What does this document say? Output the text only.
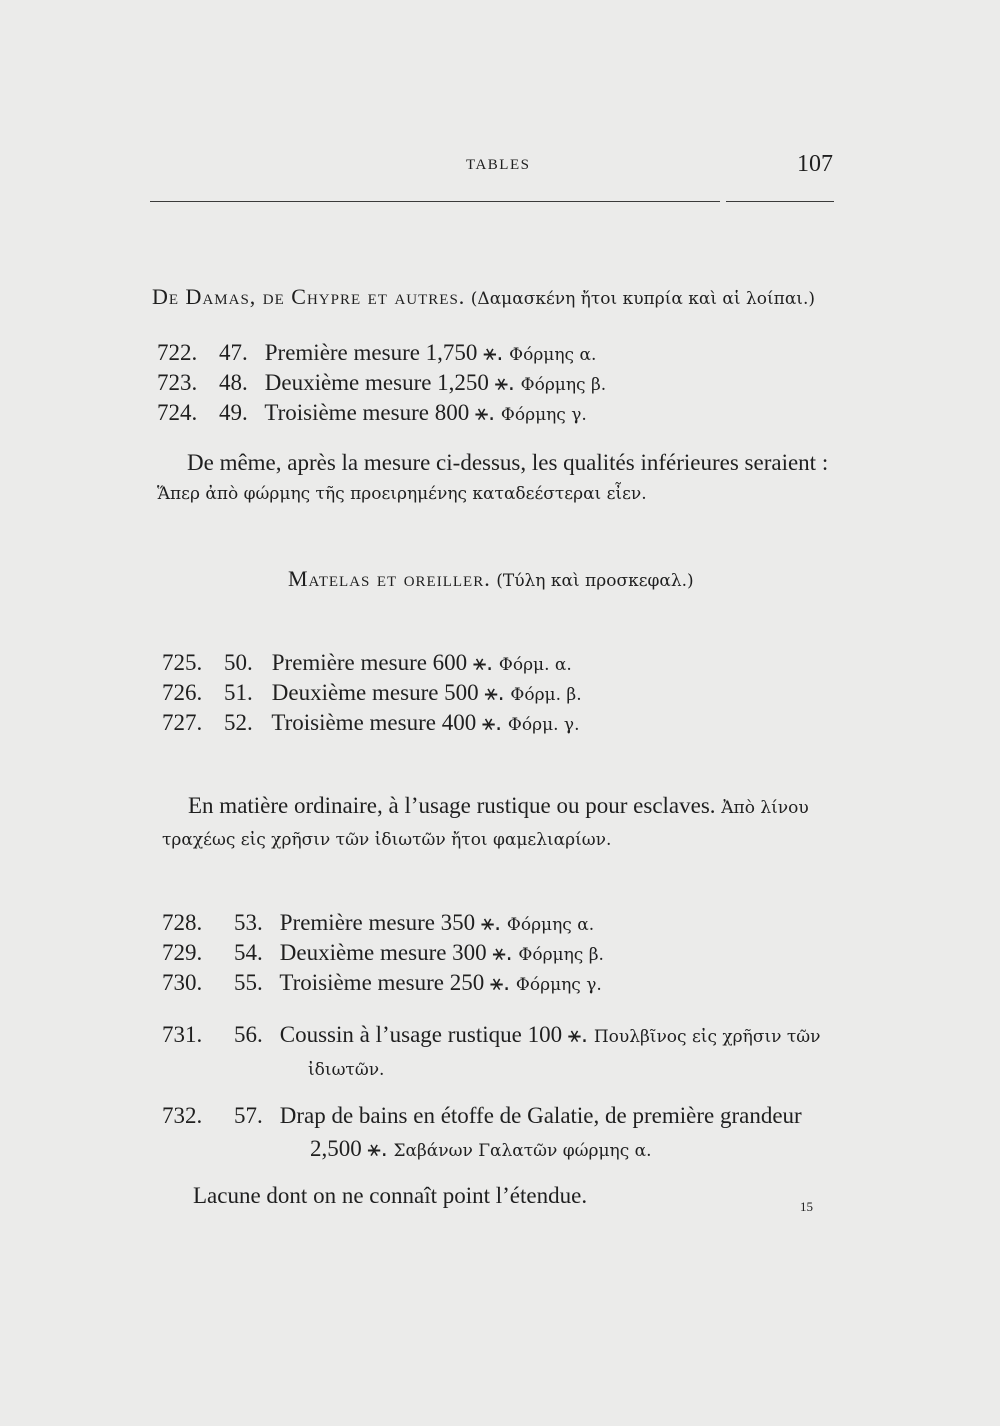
TABLES	107
De Damas, de Chypre et autres. (Δαμασκένη ἤτοι κυπρία καὶ αἱ λοίπαι.)
722. 47. Première mesure 1,750 ⚹. Φόρμης α.
723. 48. Deuxième mesure 1,250 ⚹. Φόρμης β.
724. 49. Troisième mesure 800 ⚹. Φόρμης γ.
De même, après la mesure ci-dessus, les qualités inférieures seraient :
Ἅπερ ἀπὸ φώρμης τῆς προειρημένης καταδεέστεραι εἶεν.
Matelas et oreiller. (Τύλη καὶ προσκεφαλ.)
725. 50. Première mesure 600 ⚹. Φόρμ. α.
726. 51. Deuxième mesure 500 ⚹. Φόρμ. β.
727. 52. Troisième mesure 400 ⚹. Φόρμ. γ.
En matière ordinaire, à l’usage rustique ou pour esclaves. Ἀπὸ λίνου
τραχέως εἰς χρῆσιν τῶν ἰδιωτῶν ἤτοι φαμελιαρίων.
728. 53. Première mesure 350 ⚹. Φόρμης α.
729. 54. Deuxième mesure 300 ⚹. Φόρμης β.
730. 55. Troisième mesure 250 ⚹. Φόρμης γ.
731. 56. Coussin à l’usage rustique 100 ⚹. Πουλβῖνος εἰς χρῆσιν τῶν
ἰδιωτῶν.
732. 57. Drap de bains en étoffe de Galatie, de première grandeur
2,500 ⚹. Σαβάνων Γαλατῶν φώρμης α.
Lacune dont on ne connaît point l’étendue.	15
